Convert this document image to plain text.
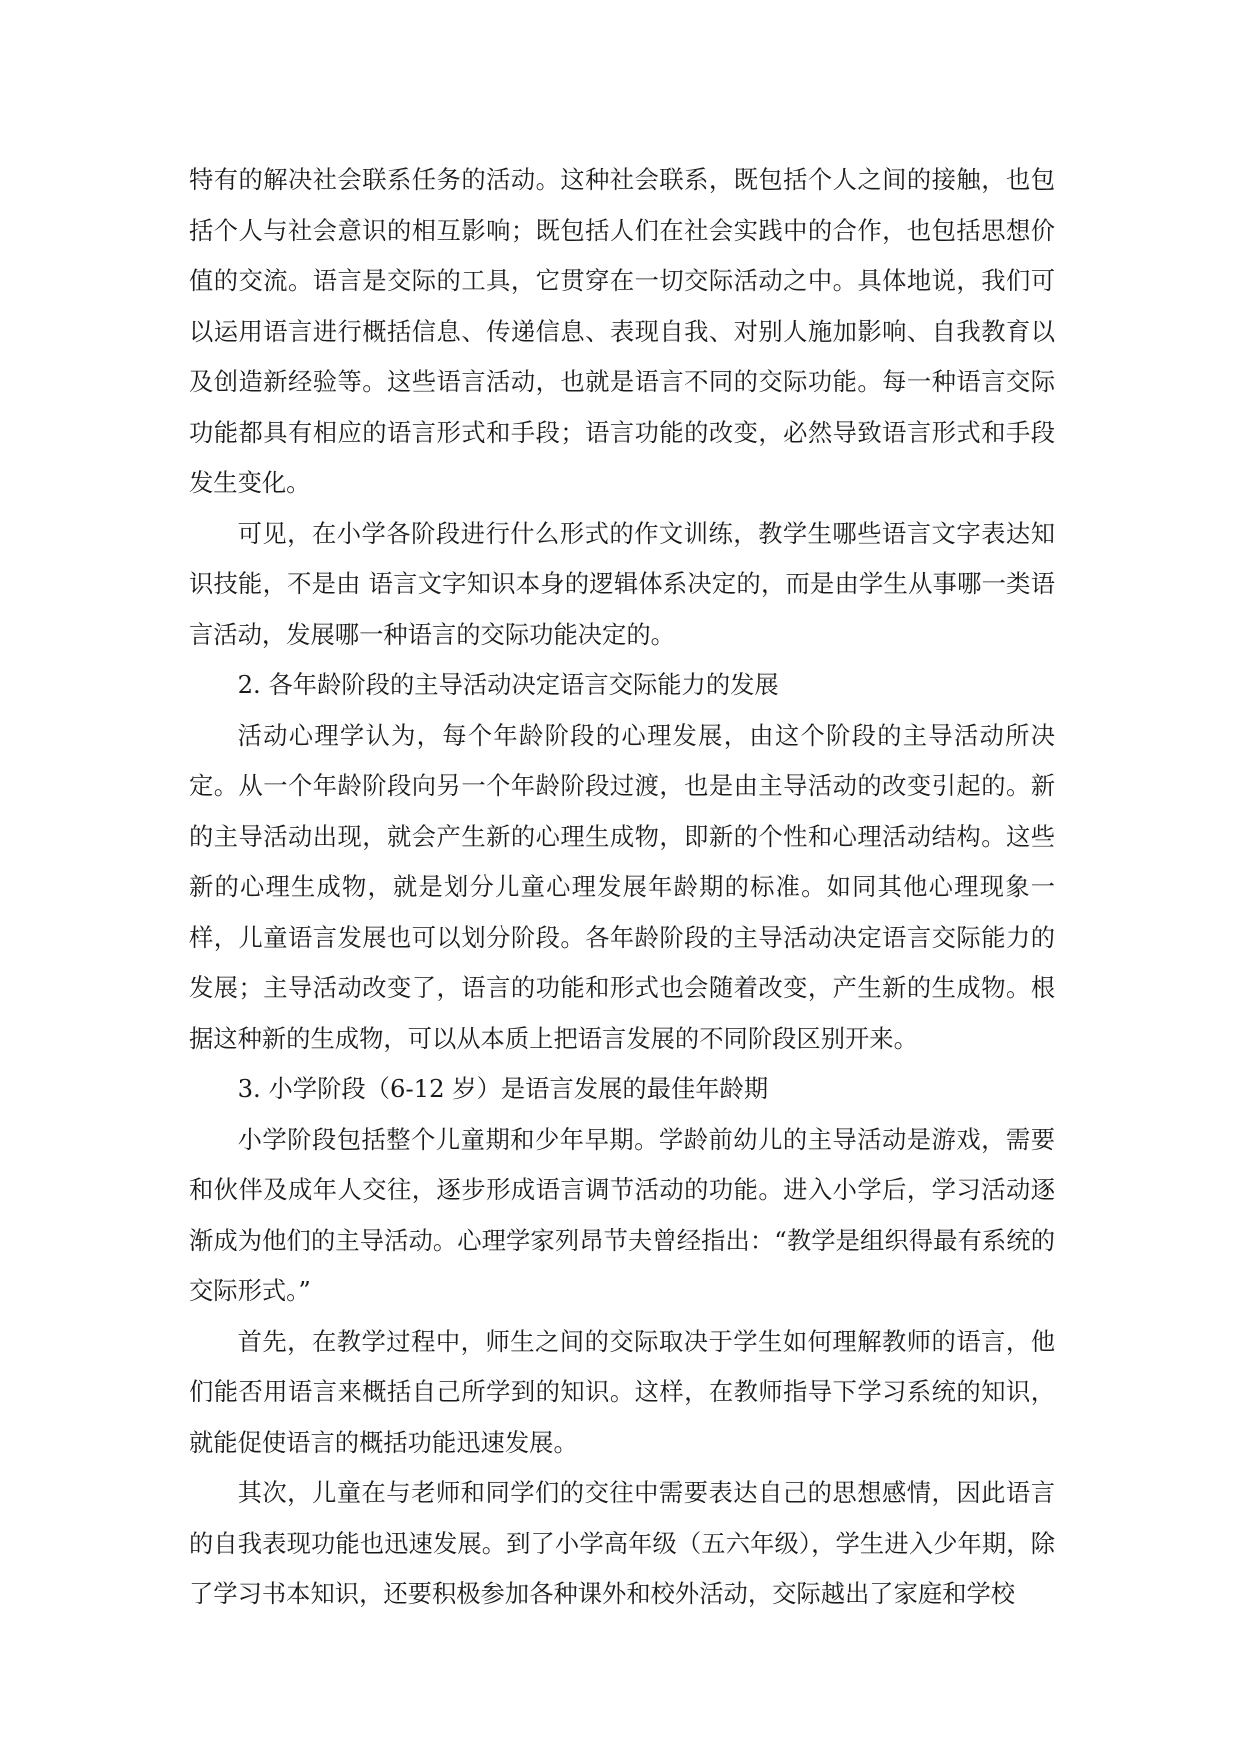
特有的解决社会联系任务的活动。这种社会联系，既包括个人之间的接触，也包括个人与社会意识的相互影响；既包括人们在社会实践中的合作，也包括思想价值的交流。语言是交际的工具，它贯穿在一切交际活动之中。具体地说，我们可以运用语言进行概括信息、传递信息、表现自我、对别人施加影响、自我教育以及创造新经验等。这些语言活动，也就是语言不同的交际功能。每一种语言交际功能都具有相应的语言形式和手段；语言功能的改变，必然导致语言形式和手段发生变化。

可见，在小学各阶段进行什么形式的作文训练，教学生哪些语言文字表达知识技能，不是由 语言文字知识本身的逻辑体系决定的，而是由学生从事哪一类语言活动，发展哪一种语言的交际功能决定的。

2. 各年龄阶段的主导活动决定语言交际能力的发展

活动心理学认为，每个年龄阶段的心理发展，由这个阶段的主导活动所决定。从一个年龄阶段向另一个年龄阶段过渡，也是由主导活动的改变引起的。新的主导活动出现，就会产生新的心理生成物，即新的个性和心理活动结构。这些新的心理生成物，就是划分儿童心理发展年龄期的标准。如同其他心理现象一样，儿童语言发展也可以划分阶段。各年龄阶段的主导活动决定语言交际能力的发展；主导活动改变了，语言的功能和形式也会随着改变，产生新的生成物。根据这种新的生成物，可以从本质上把语言发展的不同阶段区别开来。

3. 小学阶段（6-12 岁）是语言发展的最佳年龄期

小学阶段包括整个儿童期和少年早期。学龄前幼儿的主导活动是游戏，需要和伙伴及成年人交往，逐步形成语言调节活动的功能。进入小学后，学习活动逐渐成为他们的主导活动。心理学家列昂节夫曾经指出：“教学是组织得最有系统的交际形式。”

首先，在教学过程中，师生之间的交际取决于学生如何理解教师的语言，他们能否用语言来概括自己所学到的知识。这样，在教师指导下学习系统的知识，就能促使语言的概括功能迅速发展。

其次，儿童在与老师和同学们的交往中需要表达自己的思想感情，因此语言的自我表现功能也迅速发展。到了小学高年级（五六年级），学生进入少年期，除了学习书本知识，还要积极参加各种课外和校外活动，交际越出了家庭和学校
